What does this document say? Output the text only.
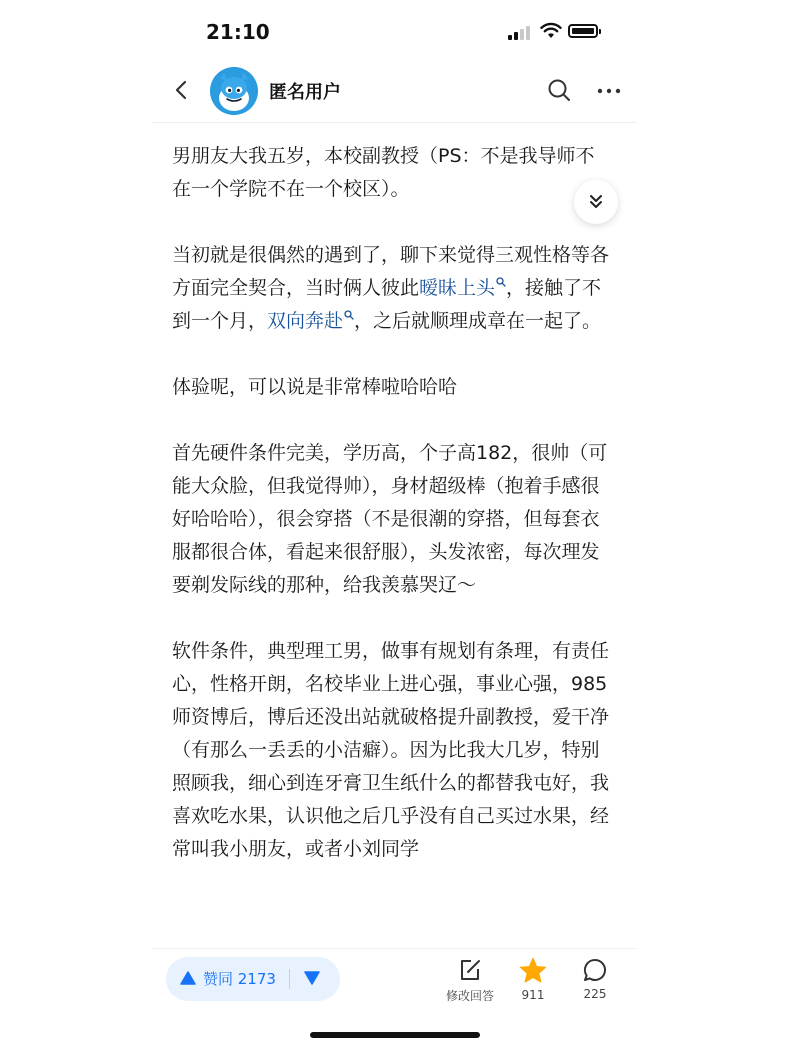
21:10
匿名用户

男朋友大我五岁，本校副教授（PS：不是我导师不在一个学院不在一个校区）。

当初就是很偶然的遇到了，聊下来觉得三观性格等各方面完全契合，当时俩人彼此暧昧上头 ，接触了不到一个月，双向奔赴 ，之后就顺理成章在一起了。

体验呢，可以说是非常棒啦哈哈哈

首先硬件条件完美，学历高，个子高182，很帅（可能大众脸，但我觉得帅），身材超级棒（抱着手感很好哈哈哈），很会穿搭（不是很潮的穿搭，但每套衣服都很合体，看起来很舒服），头发浓密，每次理发要剃发际线的那种，给我羡慕哭辽～

软件条件，典型理工男，做事有规划有条理，有责任心，性格开朗，名校毕业上进心强，事业心强，985师资博后，博后还没出站就破格提升副教授，爱干净（有那么一丢丢的小洁癖）。因为比我大几岁，特别照顾我，细心到连牙膏卫生纸什么的都替我屯好，我喜欢吃水果，认识他之后几乎没有自己买过水果，经常叫我小朋友，或者小刘同学

赞同 2173
修改回答	911	225
